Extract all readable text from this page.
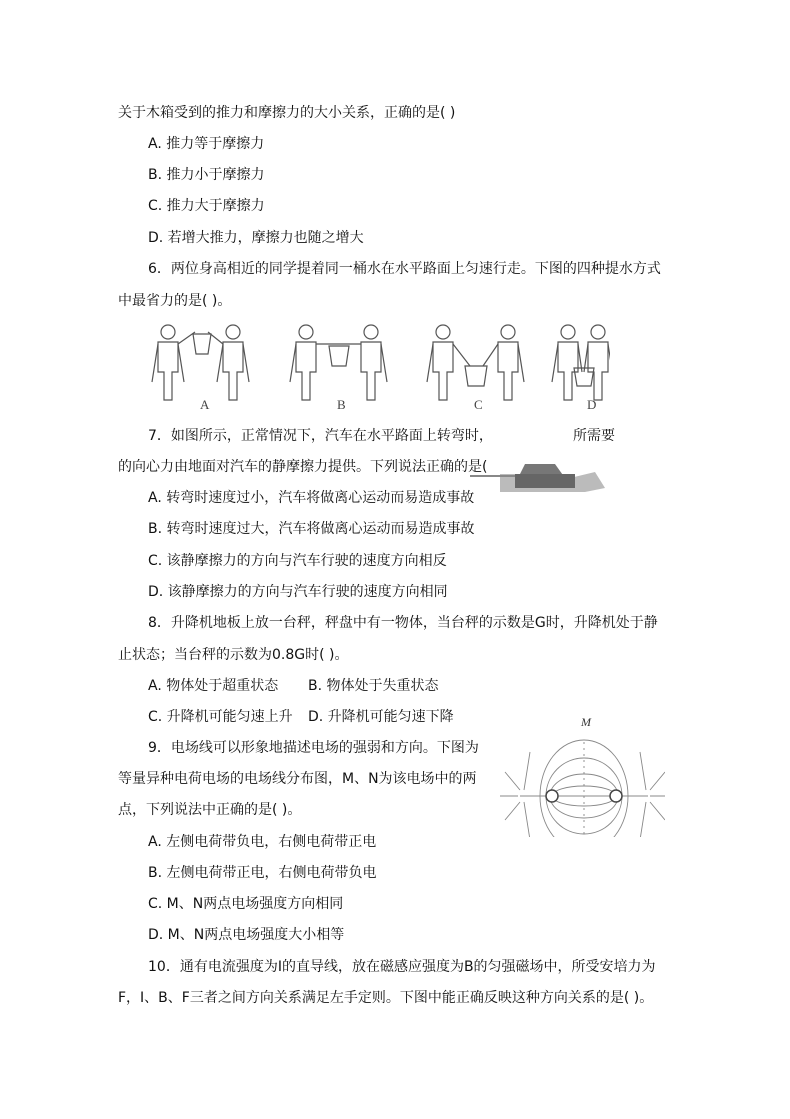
关于木箱受到的推力和摩擦力的大小关系，正确的是( )
A. 推力等于摩擦力
B. 推力小于摩擦力
C. 推力大于摩擦力
D. 若增大推力，摩擦力也随之增大
6．两位身高相近的同学提着同一桶水在水平路面上匀速行走。下图的四种提水方式
中最省力的是( )。
A	B	C	D
7．如图所示，正常情况下，汽车在水平路面上转弯时，	所需要
的向心力由地面对汽车的静摩擦力提供。下列说法正确的是(
A. 转弯时速度过小，汽车将做离心运动而易造成事故
B. 转弯时速度过大，汽车将做离心运动而易造成事故
C. 该静摩擦力的方向与汽车行驶的速度方向相反
D. 该静摩擦力的方向与汽车行驶的速度方向相同
8．升降机地板上放一台秤，秤盘中有一物体，当台秤的示数是G时，升降机处于静
止状态；当台秤的示数为0.8G时( )。
A. 物体处于超重状态 B. 物体处于失重状态
C. 升降机可能匀速上升 D. 升降机可能匀速下降
9．电场线可以形象地描述电场的强弱和方向。下图为
等量异种电荷电场的电场线分布图，M、N为该电场中的两
点，下列说法中正确的是( )。
M
A. 左侧电荷带负电，右侧电荷带正电
B. 左侧电荷带正电，右侧电荷带负电
C. M、N两点电场强度方向相同
D. M、N两点电场强度大小相等
10．通有电流强度为I的直导线，放在磁感应强度为B的匀强磁场中，所受安培力为
F，I、B、F三者之间方向关系满足左手定则。下图中能正确反映这种方向关系的是( )。
